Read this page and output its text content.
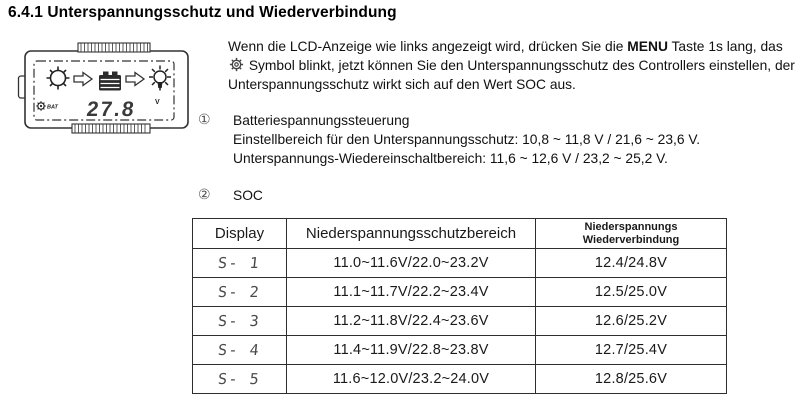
6.4.1 Unterspannungsschutz und Wiederverbindung
BAT 27.8	V
Wenn die LCD-Anzeige wie links angezeigt wird, drücken Sie die MENU Taste 1s lang, das  Symbol blinkt, jetzt können Sie den Unterspannungsschutz des Controllers einstellen, der Unterspannungsschutz wirkt sich auf den Wert SOC aus.
① Batteriespannungssteuerung
Einstellbereich für den Unterspannungsschutz: 10,8 ~ 11,8 V / 21,6 ~ 23,6 V.
Unterspannungs-Wiedereinschaltbereich: 11,6 ~ 12,6 V / 23,2 ~ 25,2 V.
② SOC
Display	Niederspannungsschutzbereich	Niederspannungs
Wiederverbindung
S- 1	11.0~11.6V/22.0~23.2V	12.4/24.8V
S- 2	11.1~11.7V/22.2~23.4V	12.5/25.0V
S- 3	11.2~11.8V/22.4~23.6V	12.6/25.2V
S- 4	11.4~11.9V/22.8~23.8V	12.7/25.4V
S- 5	11.6~12.0V/23.2~24.0V	12.8/25.6V
